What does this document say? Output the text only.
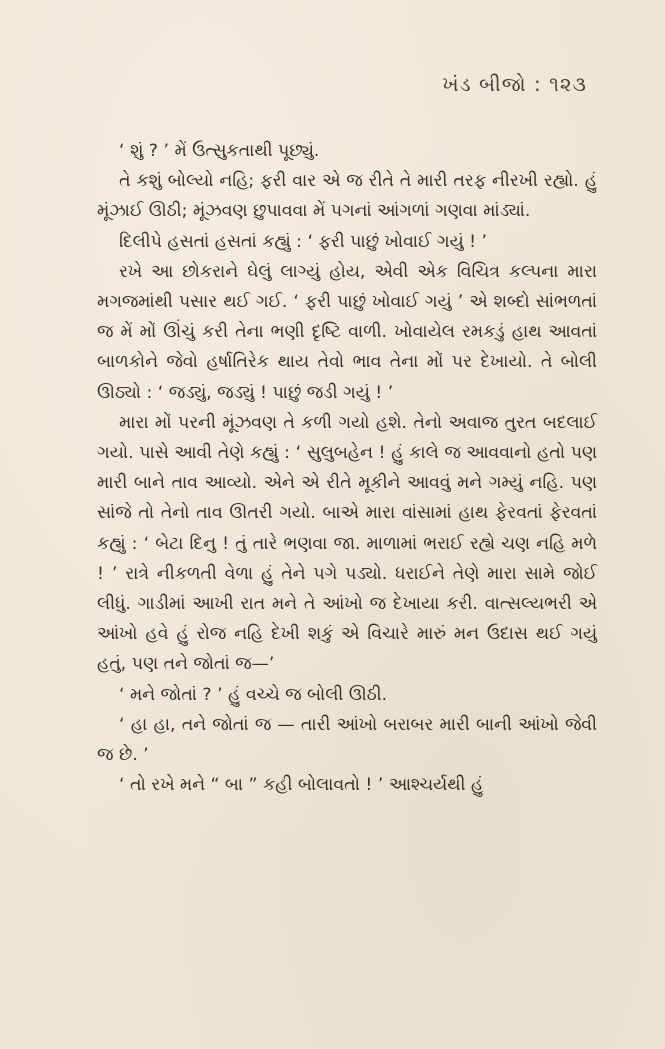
ખંડ બીજો : ૧૨૩

‘ શું ? ’ મેં ઉત્સુકતાથી પૂછ્યું.

તે કશું બોલ્યો નહિ; ફરી વાર એ જ રીતે તે મારી તરફ નીરખી રહ્યો. હું મૂંઝાઈ ઊઠી; મૂંઝવણ છુપાવવા મેં પગનાં આંગળાં ગણવા માંડ્યાં.

દિલીપે હસતાં હસતાં કહ્યું : ‘ ફરી પાછું ખોવાઈ ગયું ! ’

રખે આ છોકરાને ઘેલું લાગ્યું હોય, એવી એક વિચિત્ર કલ્પના મારા મગજમાંથી પસાર થઈ ગઈ. ‘ ફરી પાછું ખોવાઈ ગયું ’ એ શબ્દો સાંભળતાં જ મેં મોં ઊંચું કરી તેના ભણી દૃષ્ટિ વાળી. ખોવાયેલ રમકડું હાથ આવતાં બાળકોને જેવો હર્ષાતિરેક થાય તેવો ભાવ તેના મોં પર દેખાયો. તે બોલી ઊઠ્યો : ‘ જડ્યું, જડ્યું ! પાછું જડી ગયું ! ’

મારા મોં પરની મૂંઝવણ તે કળી ગયો હશે. તેનો અવાજ તુરત બદલાઈ ગયો. પાસે આવી તેણે કહ્યું : ‘ સુલુબહેન ! હું કાલે જ આવવાનો હતો પણ મારી બાને તાવ આવ્યો. એને એ રીતે મૂકીને આવવું મને ગમ્યું નહિ. પણ સાંજે તો તેનો તાવ ઊતરી ગયો. બાએ મારા વાંસામાં હાથ ફેરવતાં ફેરવતાં કહ્યું : ‘ બેટા દિનુ ! તું તારે ભણવા જા. માળામાં ભરાઈ રહ્યે ચણ નહિ મળે ! ’ રાત્રે નીકળતી વેળા હું તેને પગે પડ્યો. ધરાઈને તેણે મારા સામે જોઈ લીધું. ગાડીમાં આખી રાત મને તે આંખો જ દેખાયા કરી. વાત્સલ્યભરી એ આંખો હવે હું રોજ નહિ દેખી શકું એ વિચારે મારું મન ઉદાસ થઈ ગયું હતું, પણ તને જોતાં જ—’

‘ મને જોતાં ? ’ હું વચ્ચે જ બોલી ઊઠી.

‘ હા હા, તને જોતાં જ — તારી આંખો બરાબર મારી બાની આંખો જેવી જ છે. ’

‘ તો રખે મને “ બા ” કહી બોલાવતો ! ’ આશ્ચર્યથી હું
